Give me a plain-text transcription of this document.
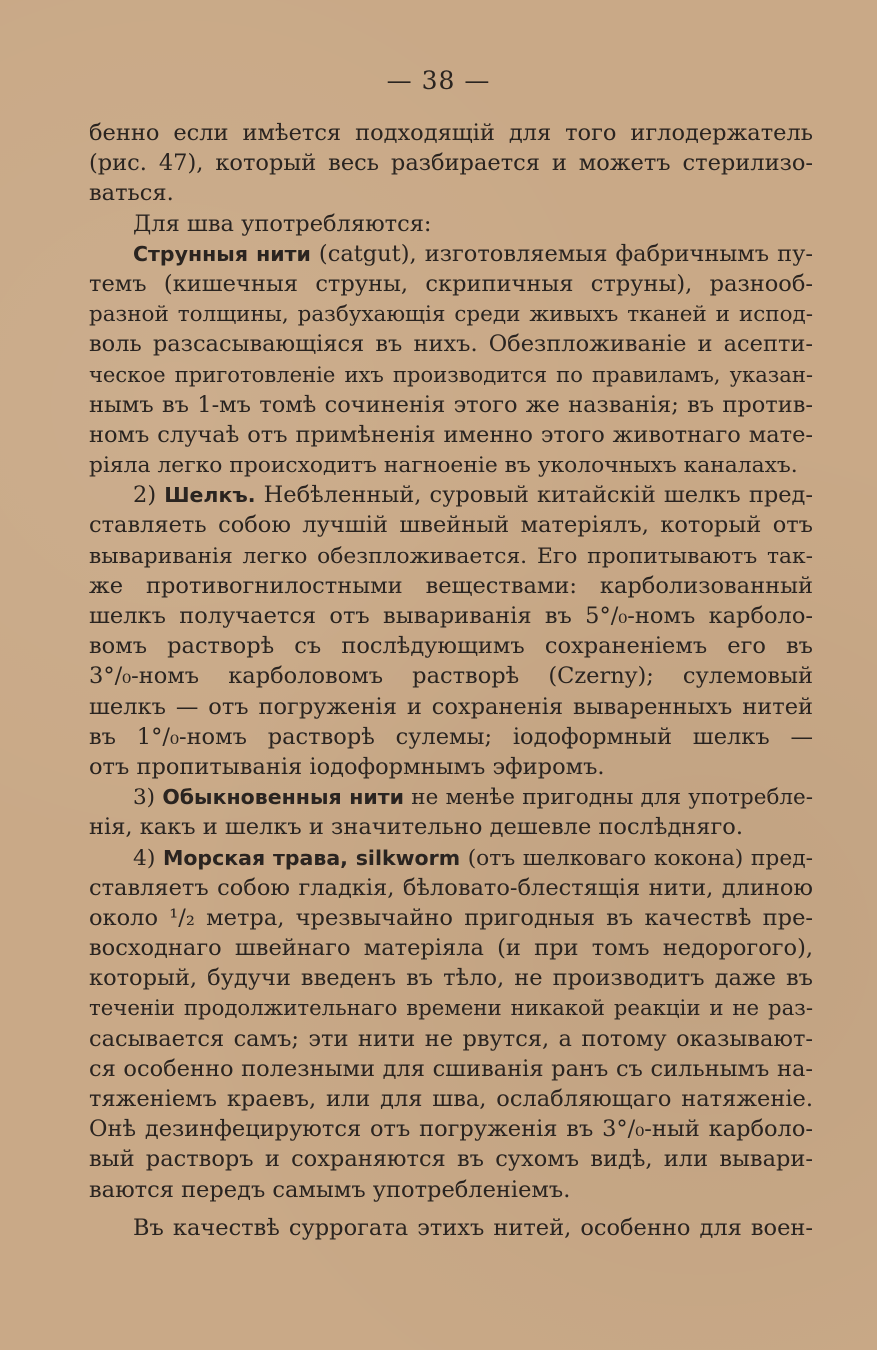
— 38 —
бенно если имѣется подходящій для того иглодержатель
(рис. 47), который весь разбирается и можетъ стерилизо-
ваться.
Для шва употребляются:
Струнныя нити (catgut), изготовляемыя фабричнымъ пу-
темъ (кишечныя струны, скрипичныя струны), разнооб-
разной толщины, разбухающія среди живыхъ тканей и испод-
воль разсасывающіяся въ нихъ. Обезпложиваніе и асепти-
ческое приготовленіе ихъ производится по правиламъ, указан-
нымъ въ 1-мъ томѣ сочиненія этого же названія; въ против-
номъ случаѣ отъ примѣненія именно этого животнаго мате-
ріяла легко происходитъ нагноеніе въ уколочныхъ каналахъ.
2) Шелкъ. Небѣленный, суровый китайскій шелкъ пред-
ставляеть собою лучшій швейный матеріялъ, который отъ
вывариванія легко обезпложивается. Его пропитываютъ так-
же противогнилостными веществами: карболизованный
шелкъ получается отъ вывариванія въ 5°/₀-номъ карболо-
вомъ растворѣ съ послѣдующимъ сохраненіемъ его въ
3°/₀-номъ карболовомъ растворѣ (Czerny); сулемовый
шелкъ — отъ погруженія и сохраненія вываренныхъ нитей
въ 1°/₀-номъ растворѣ сулемы; іодоформный шелкъ —
отъ пропитыванія іодоформнымъ эфиромъ.
3) Обыкновенныя нити не менѣе пригодны для употребле-
нія, какъ и шелкъ и значительно дешевле послѣдняго.
4) Морская трава, silkworm (отъ шелковаго кокона) пред-
ставляетъ собою гладкія, бѣловато-блестящія нити, длиною
около ¹/₂ метра, чрезвычайно пригодныя въ качествѣ пре-
восходнаго швейнаго матеріяла (и при томъ недорогого),
который, будучи введенъ въ тѣло, не производитъ даже въ
теченіи продолжительнаго времени никакой реакціи и не раз-
сасывается самъ; эти нити не рвутся, а потому оказывают-
ся особенно полезными для сшиванія ранъ съ сильнымъ на-
тяженіемъ краевъ, или для шва, ослабляющаго натяженіе.
Онѣ дезинфецируются отъ погруженія въ 3°/₀-ный карболо-
вый растворъ и сохраняются въ сухомъ видѣ, или вывари-
ваются передъ самымъ употребленіемъ.
Въ качествѣ суррогата этихъ нитей, особенно для воен-
